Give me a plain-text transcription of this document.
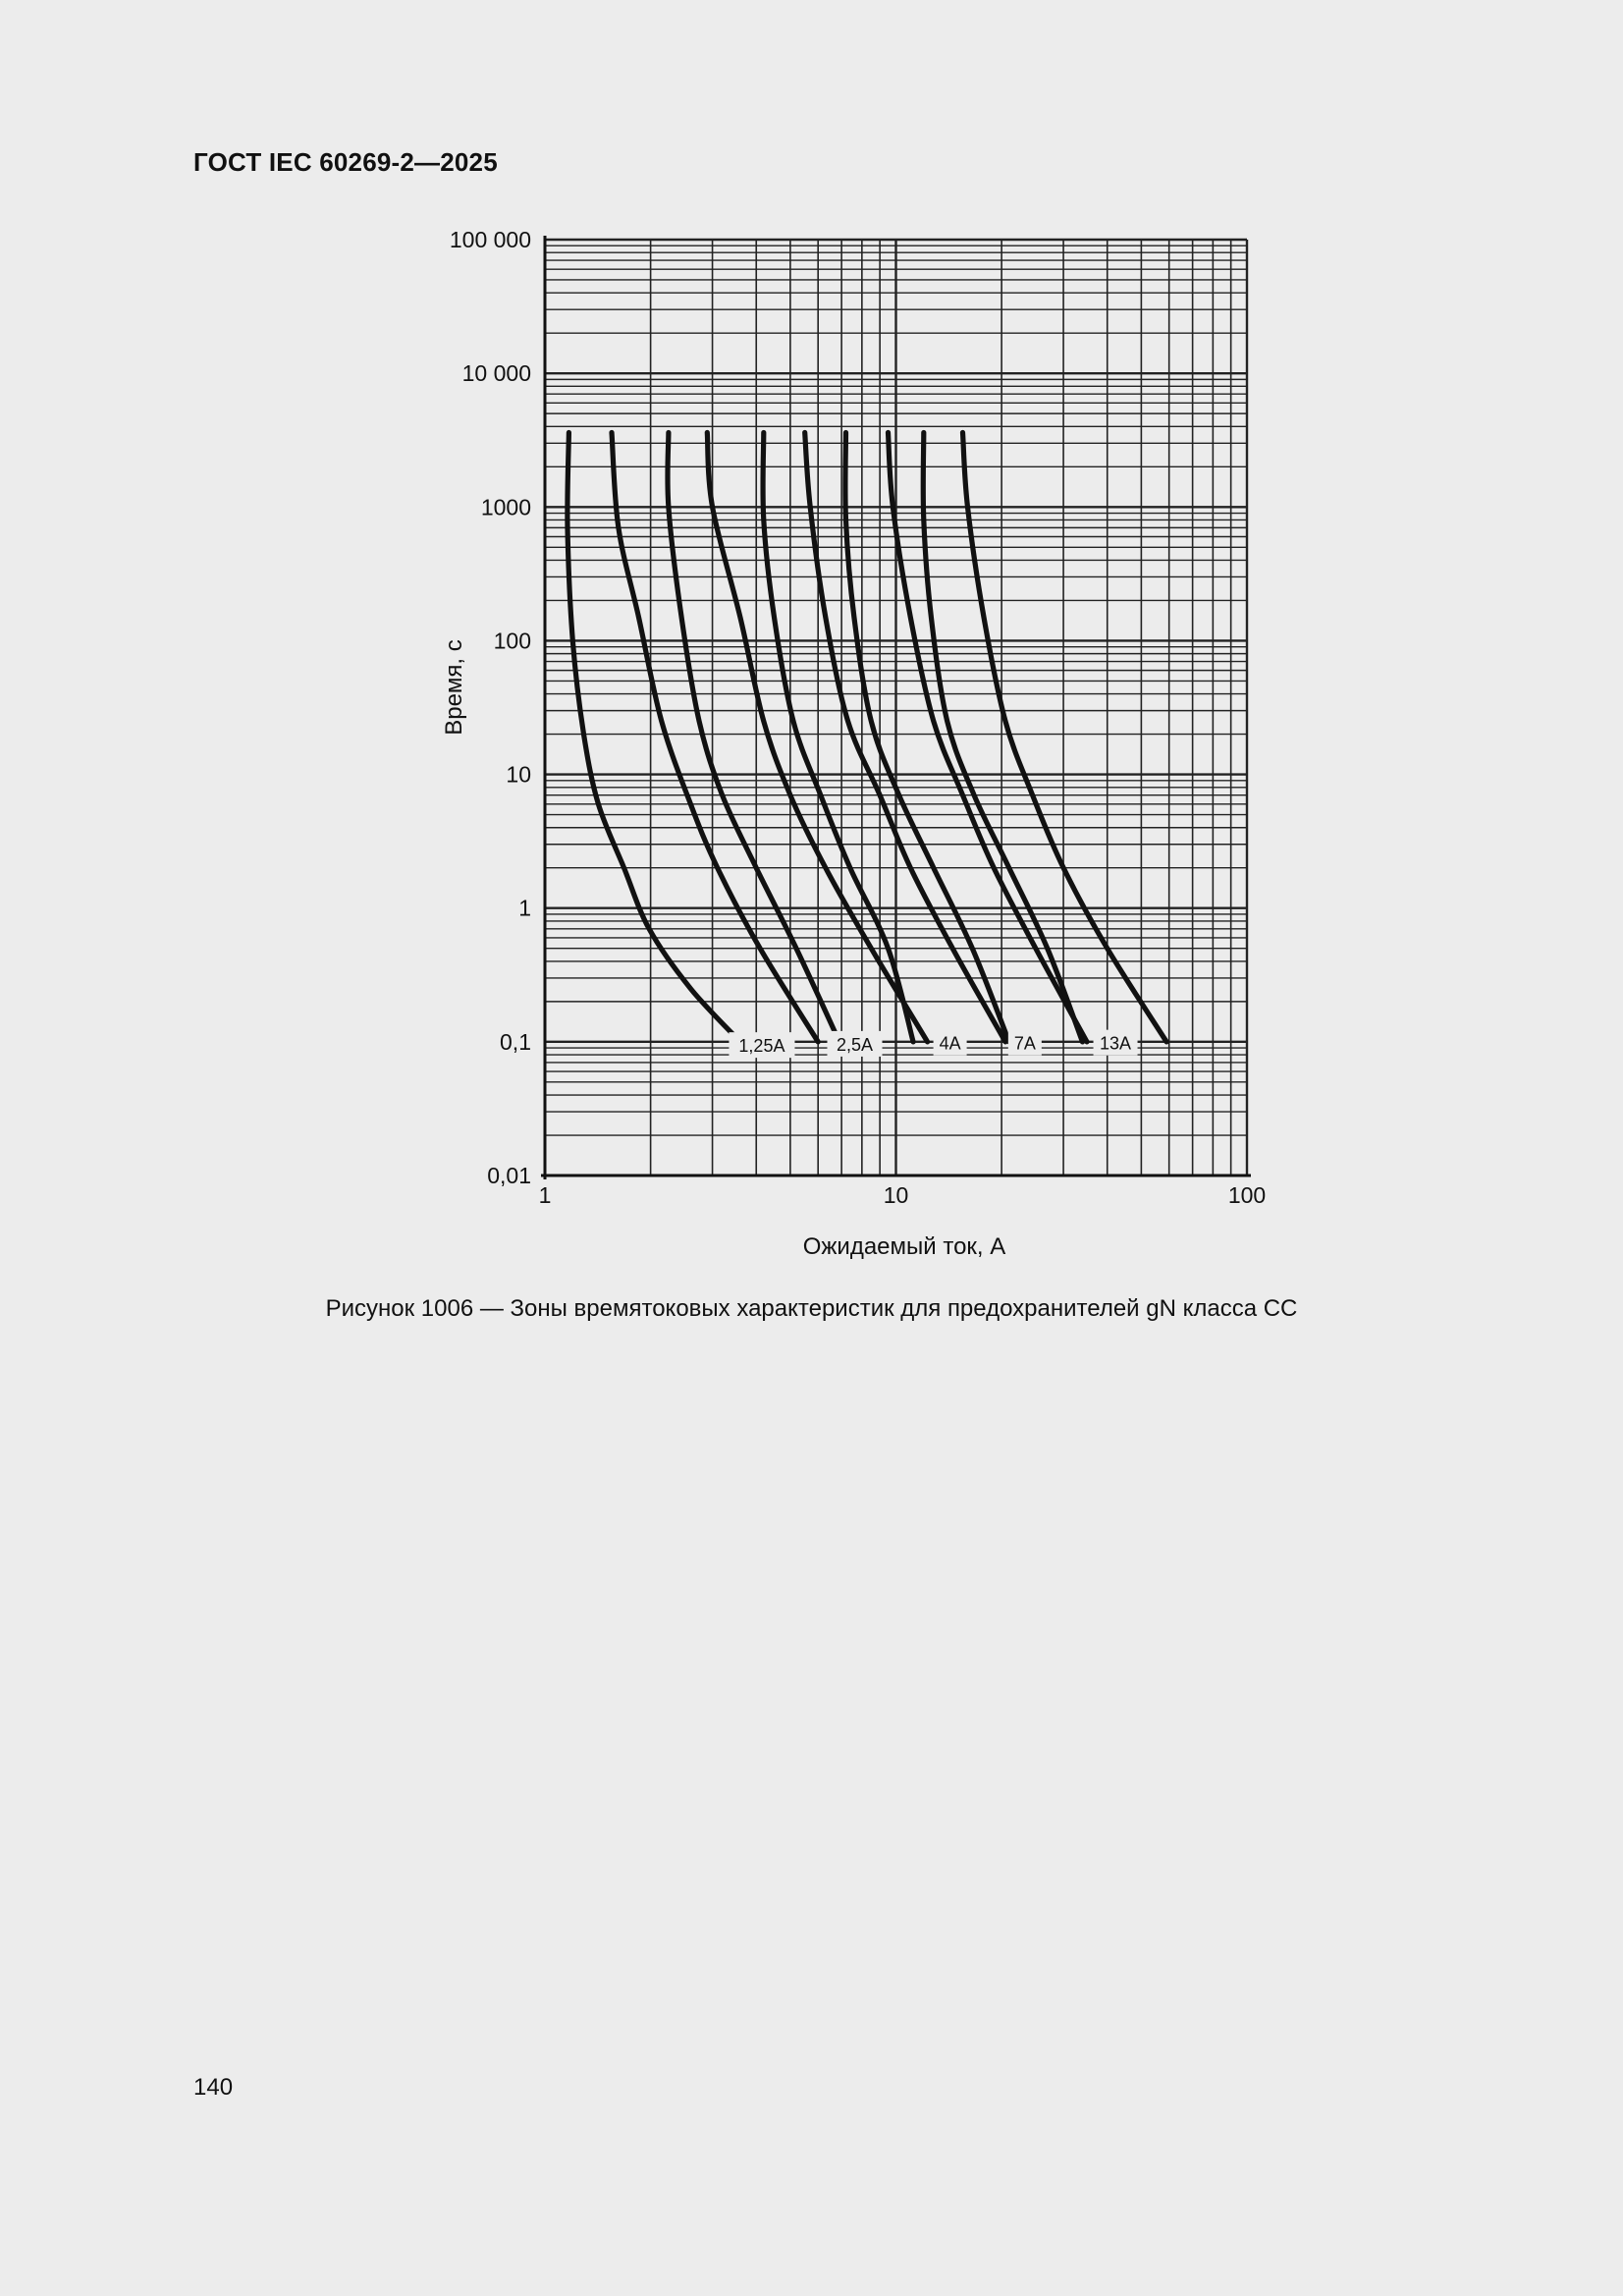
ГОСТ IEC 60269-2—2025
1,25А	2,5А	4А	7А	13А
1	10	100
100 000
10 000
1000
100
10
1
0,1
0,01
Ожидаемый ток, А
Время, с
Рисунок 1006 — Зоны времятоковых характеристик для предохранителей gN класса CC
140
